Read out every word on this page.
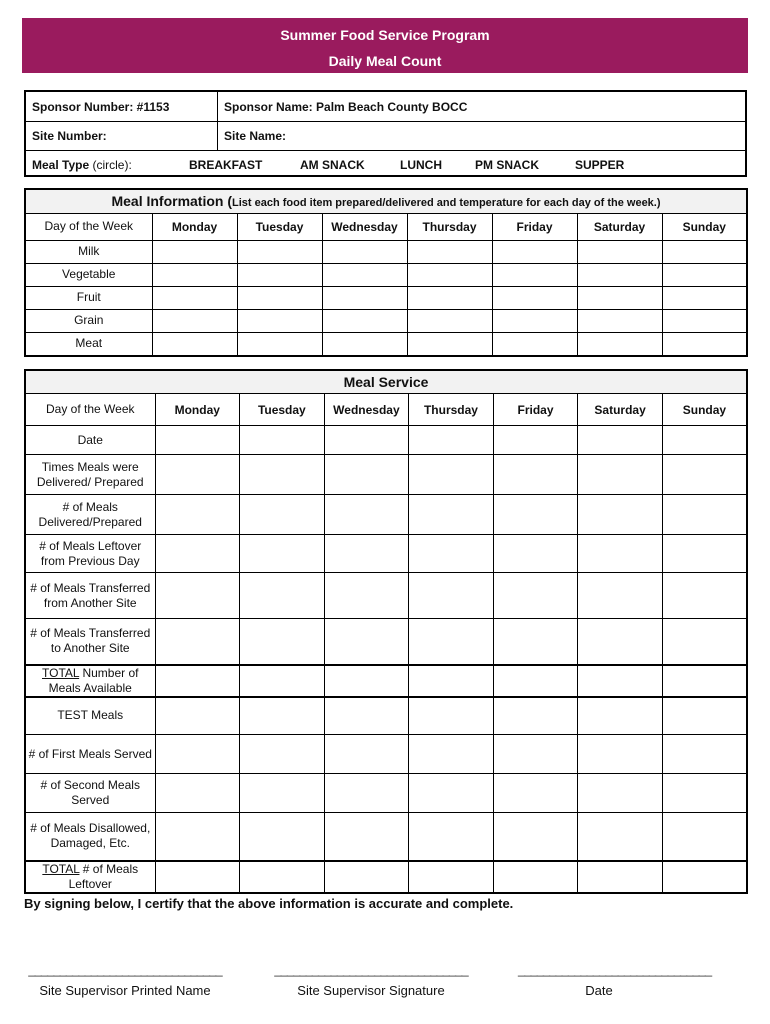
Summer Food Service Program
Daily Meal Count
Sponsor Number: #1153	Sponsor Name: Palm Beach County BOCC
Site Number:	Site Name:
Meal Type
(circle):	BREAKFAST	AM SNACK	LUNCH	PM SNACK	SUPPER
Meal Information (List each food item prepared/delivered and temperature for each day of the week.)							
Day of the Week	Monday	Tuesday	Wednesday	Thursday	Friday	Saturday	Sunday
Milk							
Vegetable							
Fruit							
Grain							
Meat							
Meal Service							
Day of the Week	Monday	Tuesday	Wednesday	Thursday	Friday	Saturday	Sunday
Date							
Times Meals were Delivered/ Prepared							
# of Meals Delivered/Prepared							
# of Meals Leftover from Previous Day							
# of Meals Transferred from Another Site							
# of Meals Transferred to Another Site							
TOTAL Number of Meals Available							
TEST Meals							
# of First Meals Served							
# of Second Meals Served							
# of Meals Disallowed, Damaged, Etc.							
TOTAL # of Meals Leftover							
By signing below, I certify that the above information is accurate and complete.
_______________________________
Site Supervisor Printed Name
_______________________________
Site Supervisor Signature
_______________________________
Date
